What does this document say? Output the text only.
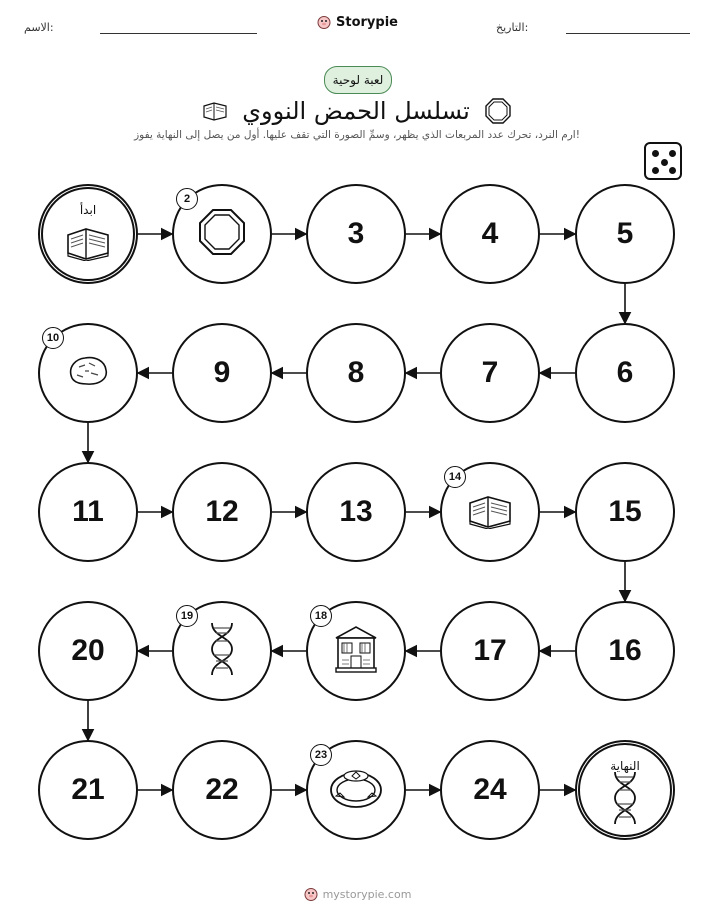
الاسم:	التاريخ:
Storypie
لعبة لوحية
تسلسل الحمض النووي
ارم النرد، تحرك عدد المربعات الذي يظهر، وسمِّ الصورة التي تقف عليها. أول من يصل إلى النهاية يفوز!
ابدأ
2
3	4	5
6
7
8
9
10
11	12	13
14
15
16
17
18
19
20
21	22
23
24
النهاية
mystorypie.com
